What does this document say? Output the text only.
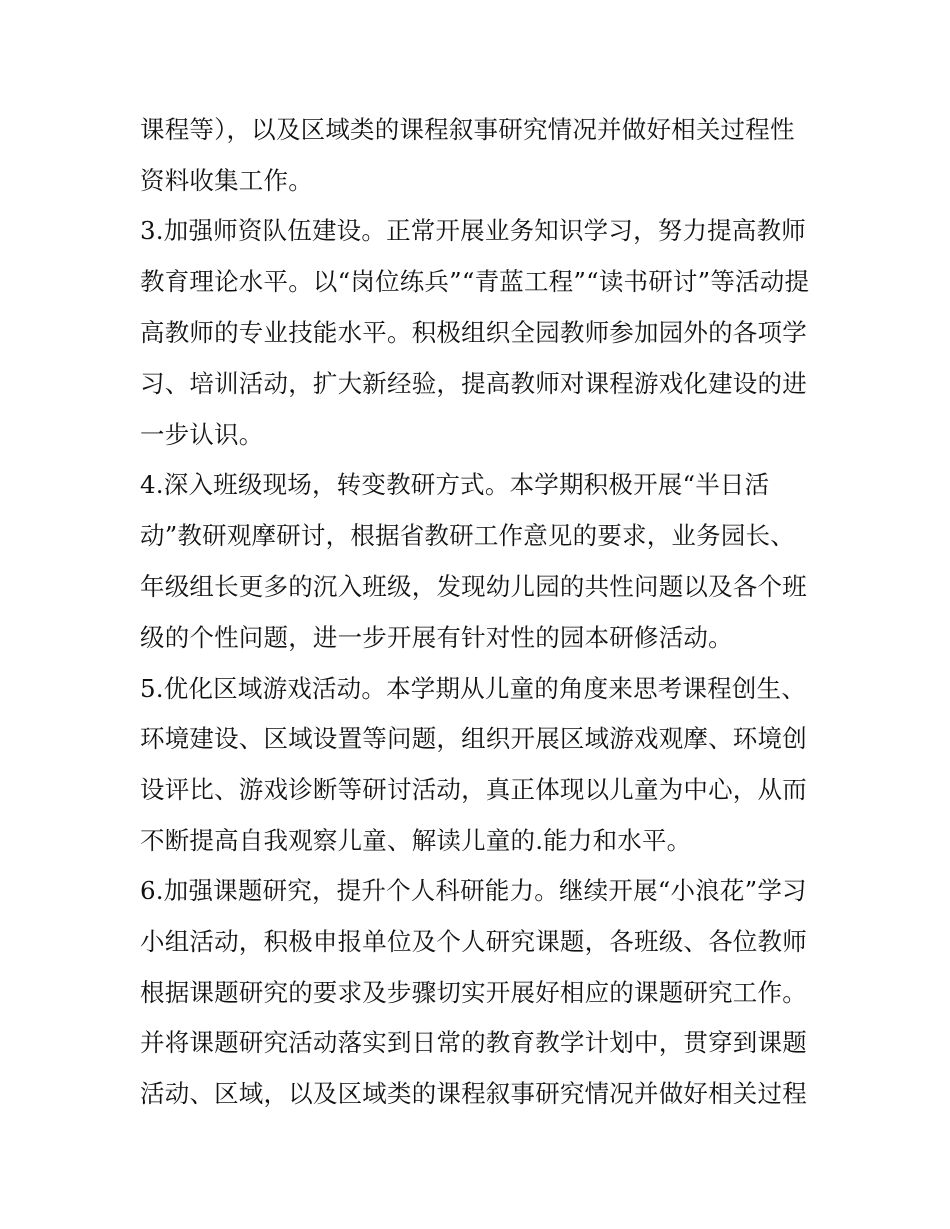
课程等），以及区域类的课程叙事研究情况并做好相关过程性

资料收集工作。

3.加强师资队伍建设。正常开展业务知识学习，努力提高教师

教育理论水平。以“岗位练兵”“青蓝工程”“读书研讨”等活动提

高教师的专业技能水平。积极组织全园教师参加园外的各项学

习、培训活动，扩大新经验，提高教师对课程游戏化建设的进

一步认识。

4.深入班级现场，转变教研方式。本学期积极开展“半日活

动”教研观摩研讨，根据省教研工作意见的要求，业务园长、

年级组长更多的沉入班级，发现幼儿园的共性问题以及各个班

级的个性问题，进一步开展有针对性的园本研修活动。

5.优化区域游戏活动。本学期从儿童的角度来思考课程创生、

环境建设、区域设置等问题，组织开展区域游戏观摩、环境创

设评比、游戏诊断等研讨活动，真正体现以儿童为中心，从而

不断提高自我观察儿童、解读儿童的.能力和水平。

6.加强课题研究，提升个人科研能力。继续开展“小浪花”学习

小组活动，积极申报单位及个人研究课题，各班级、各位教师

根据课题研究的要求及步骤切实开展好相应的课题研究工作。

并将课题研究活动落实到日常的教育教学计划中，贯穿到课题

活动、区域，以及区域类的课程叙事研究情况并做好相关过程
